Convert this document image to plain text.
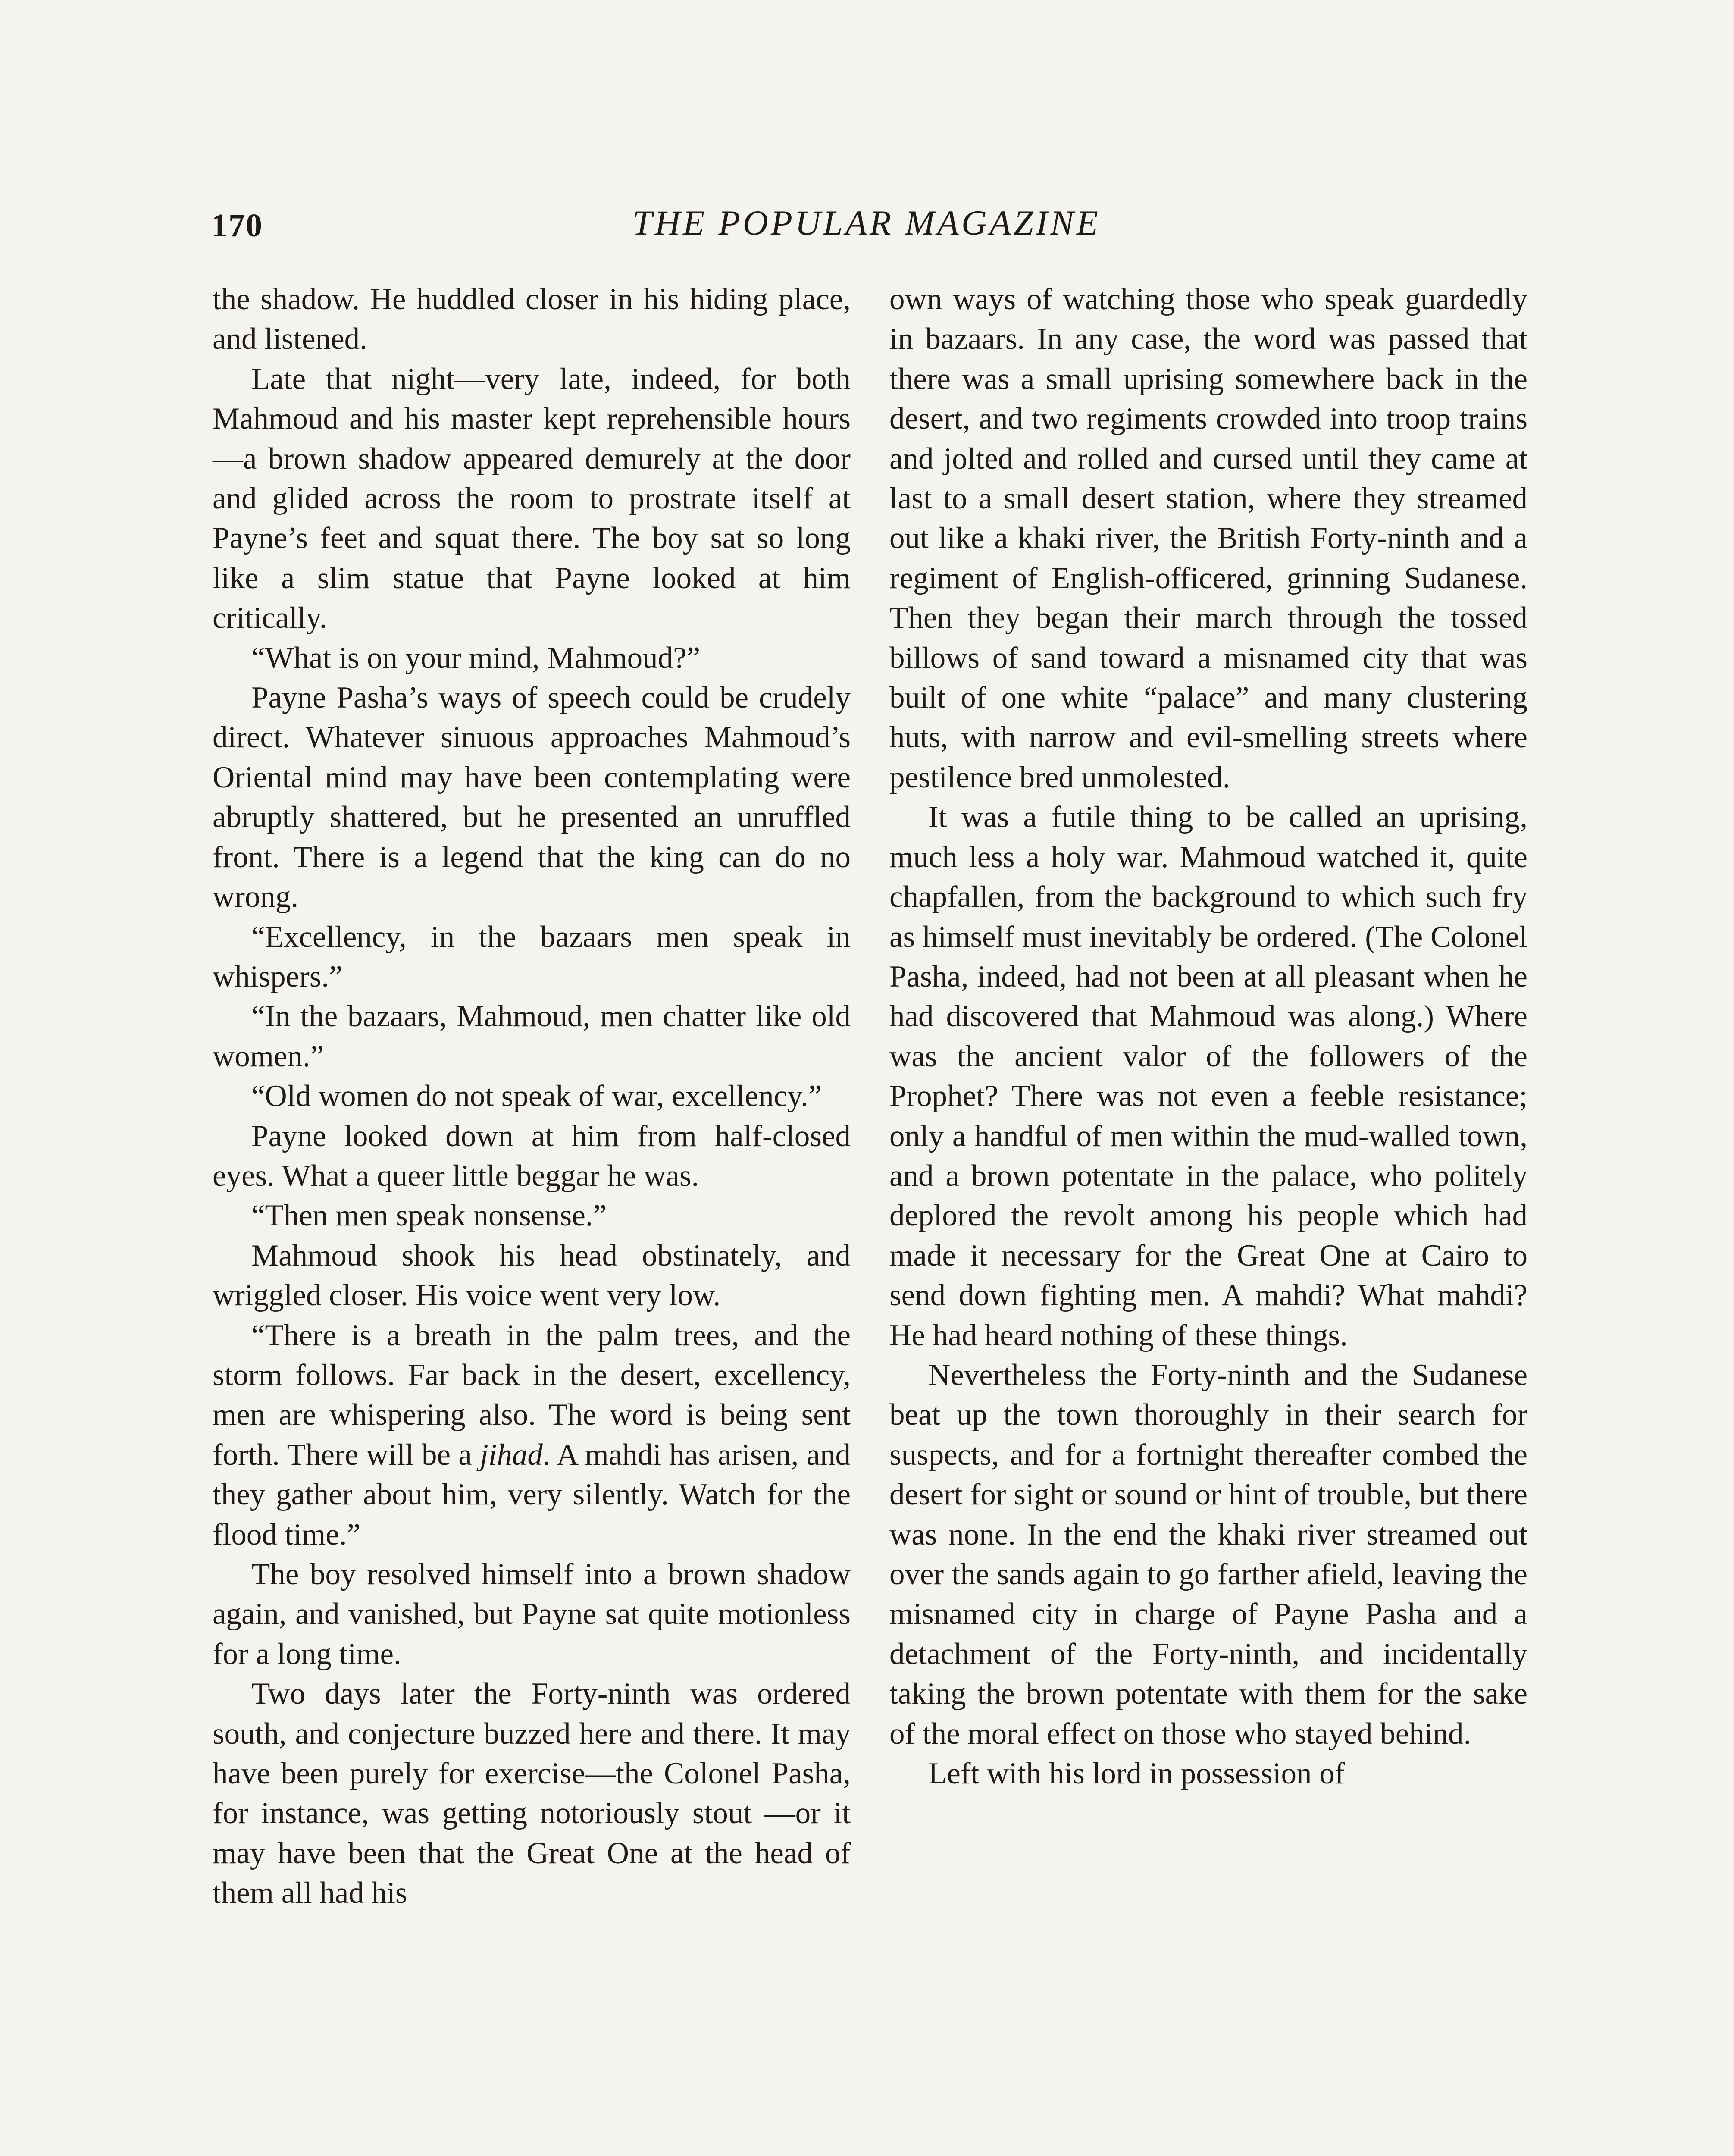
170	THE POPULAR MAGAZINE

the shadow. He huddled closer in his hiding place, and listened.

Late that night—very late, indeed, for both Mahmoud and his master kept reprehensible hours—a brown shadow appeared demurely at the door and glided across the room to prostrate itself at Payne’s feet and squat there. The boy sat so long like a slim statue that Payne looked at him critically.

“What is on your mind, Mahmoud?”

Payne Pasha’s ways of speech could be crudely direct. Whatever sinuous approaches Mahmoud’s Oriental mind may have been contemplating were abruptly shattered, but he presented an unruffled front. There is a legend that the king can do no wrong.

“Excellency, in the bazaars men speak in whispers.”

“In the bazaars, Mahmoud, men chatter like old women.”

“Old women do not speak of war, excellency.”

Payne looked down at him from half-closed eyes. What a queer little beggar he was.

“Then men speak nonsense.”

Mahmoud shook his head obstinately, and wriggled closer. His voice went very low.

“There is a breath in the palm trees, and the storm follows. Far back in the desert, excellency, men are whispering also. The word is being sent forth. There will be a jihad. A mahdi has arisen, and they gather about him, very silently. Watch for the flood time.”

The boy resolved himself into a brown shadow again, and vanished, but Payne sat quite motionless for a long time.

Two days later the Forty-ninth was ordered south, and conjecture buzzed here and there. It may have been purely for exercise—the Colonel Pasha, for instance, was getting notoriously stout —or it may have been that the Great One at the head of them all had his

own ways of watching those who speak guardedly in bazaars. In any case, the word was passed that there was a small uprising somewhere back in the desert, and two regiments crowded into troop trains and jolted and rolled and cursed until they came at last to a small desert station, where they streamed out like a khaki river, the British Forty-ninth and a regiment of English-officered, grinning Sudanese. Then they began their march through the tossed billows of sand toward a misnamed city that was built of one white “palace” and many clustering huts, with narrow and evil-smelling streets where pestilence bred unmolested.

It was a futile thing to be called an uprising, much less a holy war. Mahmoud watched it, quite chapfallen, from the background to which such fry as himself must inevitably be ordered. (The Colonel Pasha, indeed, had not been at all pleasant when he had discovered that Mahmoud was along.) Where was the ancient valor of the followers of the Prophet? There was not even a feeble resistance; only a handful of men within the mud-walled town, and a brown potentate in the palace, who politely deplored the revolt among his people which had made it necessary for the Great One at Cairo to send down fighting men. A mahdi? What mahdi? He had heard nothing of these things.

Nevertheless the Forty-ninth and the Sudanese beat up the town thoroughly in their search for suspects, and for a fortnight thereafter combed the desert for sight or sound or hint of trouble, but there was none. In the end the khaki river streamed out over the sands again to go farther afield, leaving the misnamed city in charge of Payne Pasha and a detachment of the Forty-ninth, and incidentally taking the brown potentate with them for the sake of the moral effect on those who stayed behind.

Left with his lord in possession of
